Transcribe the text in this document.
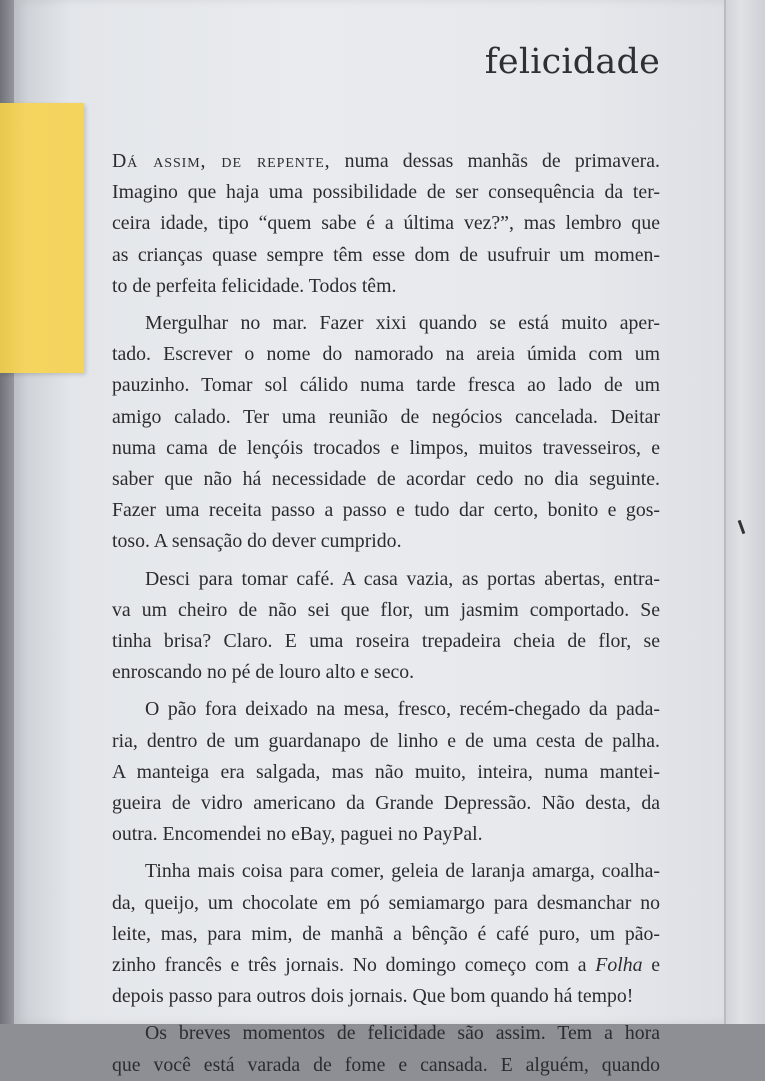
felicidade
Dá assim, de repente, numa dessas manhãs de primavera.
Imagino que haja uma possibilidade de ser consequência da ter-
ceira idade, tipo “quem sabe é a última vez?”, mas lembro que
as crianças quase sempre têm esse dom de usufruir um momen-
to de perfeita felicidade. Todos têm.
Mergulhar no mar. Fazer xixi quando se está muito aper-
tado. Escrever o nome do namorado na areia úmida com um
pauzinho. Tomar sol cálido numa tarde fresca ao lado de um
amigo calado. Ter uma reunião de negócios cancelada. Deitar
numa cama de lençóis trocados e limpos, muitos travesseiros, e
saber que não há necessidade de acordar cedo no dia seguinte.
Fazer uma receita passo a passo e tudo dar certo, bonito e gos-
toso. A sensação do dever cumprido.
Desci para tomar café. A casa vazia, as portas abertas, entra-
va um cheiro de não sei que flor, um jasmim comportado. Se
tinha brisa? Claro. E uma roseira trepadeira cheia de flor, se
enroscando no pé de louro alto e seco.
O pão fora deixado na mesa, fresco, recém-chegado da pada-
ria, dentro de um guardanapo de linho e de uma cesta de palha.
A manteiga era salgada, mas não muito, inteira, numa mantei-
gueira de vidro americano da Grande Depressão. Não desta, da
outra. Encomendei no eBay, paguei no PayPal.
Tinha mais coisa para comer, geleia de laranja amarga, coalha-
da, queijo, um chocolate em pó semiamargo para desmanchar no
leite, mas, para mim, de manhã a bênção é café puro, um pão-
zinho francês e três jornais. No domingo começo com a Folha e
depois passo para outros dois jornais. Que bom quando há tempo!
Os breves momentos de felicidade são assim. Tem a hora
que você está varada de fome e cansada. E alguém, quando
